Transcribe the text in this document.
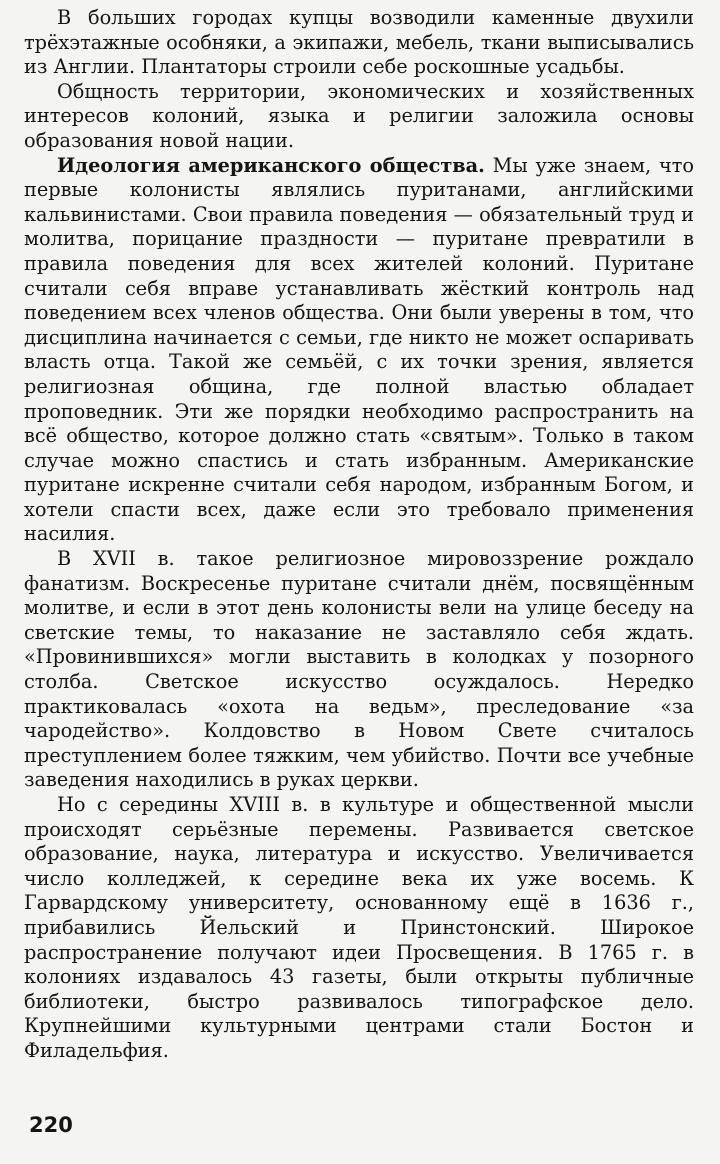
В больших городах купцы возводили каменные двухили трёхэтажные особняки, а экипажи, мебель, ткани выписывались из Англии. Плантаторы строили себе роскошные усадьбы.

Общность территории, экономических и хозяйственных интересов колоний, языка и религии заложила основы образования новой нации.

Идеология американского общества. Мы уже знаем, что первые колонисты являлись пуританами, английскими кальвинистами. Свои правила поведения — обязательный труд и молитва, порицание праздности — пуритане превратили в правила поведения для всех жителей колоний. Пуритане считали себя вправе устанавливать жёсткий контроль над поведением всех членов общества. Они были уверены в том, что дисциплина начинается с семьи, где никто не может оспаривать власть отца. Такой же семьёй, с их точки зрения, является религиозная община, где полной властью обладает проповедник. Эти же порядки необходимо распространить на всё общество, которое должно стать «святым». Только в таком случае можно спастись и стать избранным. Американские пуритане искренне считали себя народом, избранным Богом, и хотели спасти всех, даже если это требовало применения насилия.

В XVII в. такое религиозное мировоззрение рождало фанатизм. Воскресенье пуритане считали днём, посвящённым молитве, и если в этот день колонисты вели на улице беседу на светские темы, то наказание не заставляло себя ждать. «Провинившихся» могли выставить в колодках у позорного столба. Светское искусство осуждалось. Нередко практиковалась «охота на ведьм», преследование «за чародейство». Колдовство в Новом Свете считалось преступлением более тяжким, чем убийство. Почти все учебные заведения находились в руках церкви.

Но с середины XVIII в. в культуре и общественной мысли происходят серьёзные перемены. Развивается светское образование, наука, литература и искусство. Увеличивается число колледжей, к середине века их уже восемь. К Гарвардскому университету, основанному ещё в 1636 г., прибавились Йельский и Принстонский. Широкое распространение получают идеи Просвещения. В 1765 г. в колониях издавалось 43 газеты, были открыты публичные библиотеки, быстро развивалось типографское дело. Крупнейшими культурными центрами стали Бостон и Филадельфия.

220
